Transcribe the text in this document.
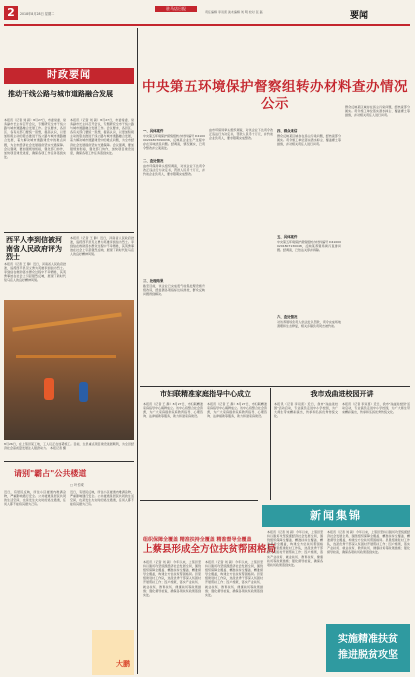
2	2018年8月28日 星期二
驻马店日报
责任编辑 李双喜 美术编辑 刘 明 校对 张 磊	要闻
时政要闻
推动干线公路与城市道路融合发展
本报讯（记者 刘 颖）8月27日，市委常委、常务副市长主持召开会议，专题研究全市干线公路与城市道路融合发展工作。会议要求，各县区、各有关部门要统一思想，提高认识，以更加积极主动的姿态推进干线公路与城市道路融合发展，着力解决城市道路建设中的难点问题，为全市经济社会发展提供坚实交通保障。会议强调，要加强规划衔接，强化部门协作，加快项目建设进度，确保各项工作任务落到实处。
本报讯（记者 刘 颖）8月27日，市委常委、常务副市长主持召开会议，专题研究全市干线公路与城市道路融合发展工作。会议要求，各县区、各有关部门要统一思想，提高认识，以更加积极主动的姿态推进干线公路与城市道路融合发展，着力解决城市道路建设中的难点问题，为全市经济社会发展提供坚实交通保障。会议强调，要加强规划衔接，强化部门协作，加快项目建设进度，确保各项工作任务落到实处。
西平人李到信被河南省人民政府评为烈士
本报讯（记者 王 静）近日，河南省人民政府批准，追授西平县见义勇为英雄李到信为烈士。李到信在救助落水群众过程中不幸牺牲，其英勇事迹在社会上引起强烈反响，展现了新时代驻马店人的良好精神风貌。
本报讯（记者 王 静）近日，河南省人民政府批准，追授西平县见义勇为英雄李到信为烈士。李到信在救助落水群众过程中不幸牺牲，其英勇事迹在社会上引起强烈反响，展现了新时代驻马店人的良好精神风貌。
8月26日，在上蔡县某工地，工人们正在加紧施工。目前，全县重点项目建设进展顺利，为全县经济社会高质量发展注入强劲动力。 本报记者 摄
请别"霸占"公共楼道
□ 叶长城
近日，有居民反映，所住小区楼道内堆满杂物，严重影响通行安全。公共楼道是居民共同的生活空间，也是发生火灾时的逃生通道，任何人都不能将其据为己有。
近日，有居民反映，所住小区楼道内堆满杂物，严重影响通行安全。公共楼道是居民共同的生活空间，也是发生火灾时的逃生通道，任何人都不能将其据为己有。
大鹏
中央第五环境保护督察组转办材料查办情况公示
一、具体案件
中央第五环境保护督察组转办材料编号 D410000201807090036，反映某企业生产过程中存在异味扰民问题。经调查，情况属实，已责令整改并立案查处。
二、查处情况
由市环保局牵头组织调查，对该企业下达责令改正违法行为决定书，罚款人民币十万元，并约谈企业负责人，要求限期完成整改。
三、处理结果
截至目前，该企业已完成废气收集处理设施升级改造，经监测各项指标达标排放，群众反映问题得到解决。
由市环保局牵头组织调查，对该企业下达责令改正违法行为决定书，罚款人民币十万元，并约谈企业负责人，要求限期完成整改。
四、群众来信
群众反映某区域存在扬尘污染问题，经核查部分属实。责令施工单位落实洒水抑尘、覆盖裸土等措施，并对相关责任人进行问责。
五、具体案件
中央第五环境保护督察组转办材料编号 D410000201807130048，反映某养殖场粪污直排问题。经调查，已依法关停并拆除。
六、查处情况
对该养殖场负责人依法处以罚款，责令完成场地清理和生态修复，相关乡镇负责同志被约谈。
群众反映某区域存在扬尘污染问题，经核查部分属实。责令施工单位落实洒水抑尘、覆盖裸土等措施，并对相关责任人进行问责。
市妇联精准家庭指导中心成立
本报讯（记者 王 静）8月27日，市妇联精准家庭指导中心揭牌成立。该中心将整合社会资源，为广大家庭提供家庭教育指导、心理咨询、法律援助等服务，助力和谐家庭建设。
本报讯（记者 王 静）8月27日，市妇联精准家庭指导中心揭牌成立。该中心将整合社会资源，为广大家庭提供家庭教育指导、心理咨询、法律援助等服务，助力和谐家庭建设。
我市戏曲进校园开讲
本报讯（记者 李双喜）近日，我市"戏曲进校园"活动启动，专业演员走进中小学校园，为广大师生带来精彩演出，传承和弘扬优秀传统文化。
本报讯（记者 李双喜）近日，我市"戏曲进校园"活动启动，专业演员走进中小学校园，为广大师生带来精彩演出，传承和弘扬优秀传统文化。
新闻集锦
组织保障全覆盖 精准扶持全覆盖 精准督导全覆盖
上蔡县形成全方位扶贫帮困格局
本报讯（记者 刘 颖）今年以来，上蔡县坚持以脱贫攻坚统揽经济社会发展全局，围绕组织保障全覆盖、精准扶持全覆盖、精准督导全覆盖，构建全方位扶贫帮困格局。县里组建驻村工作队，选派优秀干部深入贫困村开展帮扶工作；因户施策，落实产业扶贫、就业扶贫、教育扶贫、健康扶贫等政策措施；强化督导检查，确保各项扶贫政策落到实处。
本报讯（记者 刘 颖）今年以来，上蔡县坚持以脱贫攻坚统揽经济社会发展全局，围绕组织保障全覆盖、精准扶持全覆盖、精准督导全覆盖，构建全方位扶贫帮困格局。县里组建驻村工作队，选派优秀干部深入贫困村开展帮扶工作；因户施策，落实产业扶贫、就业扶贫、教育扶贫、健康扶贫等政策措施；强化督导检查，确保各项扶贫政策落到实处。
本报讯（记者 刘 颖）今年以来，上蔡县坚持以脱贫攻坚统揽经济社会发展全局，围绕组织保障全覆盖、精准扶持全覆盖、精准督导全覆盖，构建全方位扶贫帮困格局。县里组建驻村工作队，选派优秀干部深入贫困村开展帮扶工作；因户施策，落实产业扶贫、就业扶贫、教育扶贫、健康扶贫等政策措施；强化督导检查，确保各项扶贫政策落到实处。
本报讯（记者 刘 颖）今年以来，上蔡县坚持以脱贫攻坚统揽经济社会发展全局，围绕组织保障全覆盖、精准扶持全覆盖、精准督导全覆盖，构建全方位扶贫帮困格局。县里组建驻村工作队，选派优秀干部深入贫困村开展帮扶工作；因户施策，落实产业扶贫、就业扶贫、教育扶贫、健康扶贫等政策措施；强化督导检查，确保各项扶贫政策落到实处。
实施精准扶贫
推进脱贫攻坚
